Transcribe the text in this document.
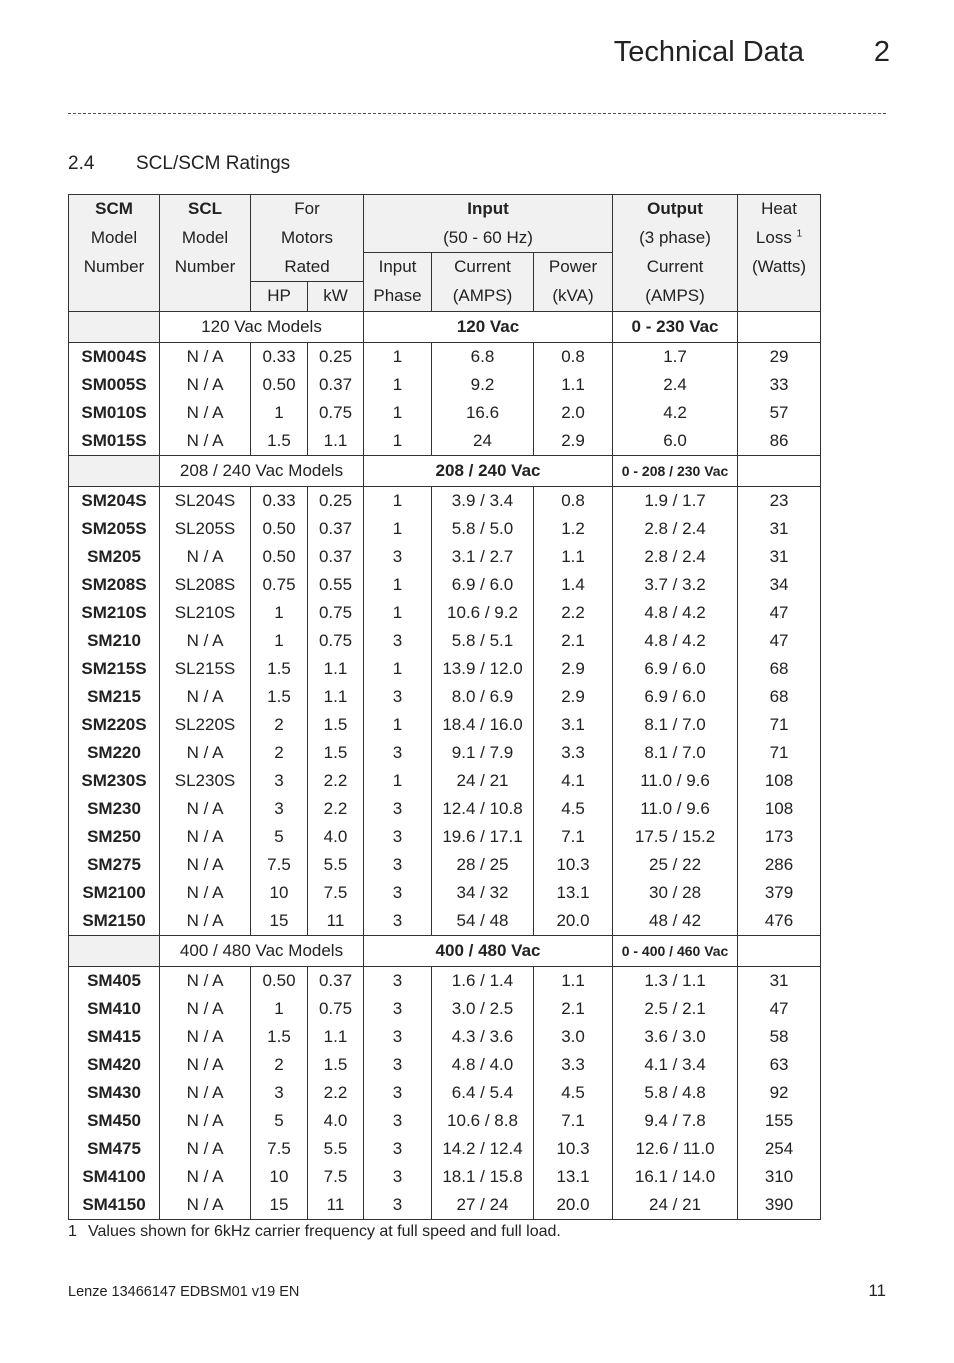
Technical Data	2
2.4 SCL/SCM Ratings
SCM	SCL	For		Input			Output	Heat
Model	Model	Motors		(50 - 60 Hz)			(3 phase)	Loss $^1$
Number	Number	Rated		Input	Current	Power	Current	(Watts)
		HP	kW	Phase	(AMPS)	(kVA)	(AMPS)	
	120 Vac Models			120 Vac			0 - 230 Vac	
SM004S	N / A	0.33	0.25	1	6.8	0.8	1.7	29
SM005S	N / A	0.50	0.37	1	9.2	1.1	2.4	33
SM010S	N / A	1	0.75	1	16.6	2.0	4.2	57
SM015S	N / A	1.5	1.1	1	24	2.9	6.0	86
	208 / 240 Vac Models			208 / 240 Vac			0 - 208 / 230 Vac	
SM204S	SL204S	0.33	0.25	1	3.9 / 3.4	0.8	1.9 / 1.7	23
SM205S	SL205S	0.50	0.37	1	5.8 / 5.0	1.2	2.8 / 2.4	31
SM205	N / A	0.50	0.37	3	3.1 / 2.7	1.1	2.8 / 2.4	31
SM208S	SL208S	0.75	0.55	1	6.9 / 6.0	1.4	3.7 / 3.2	34
SM210S	SL210S	1	0.75	1	10.6 / 9.2	2.2	4.8 / 4.2	47
SM210	N / A	1	0.75	3	5.8 / 5.1	2.1	4.8 / 4.2	47
SM215S	SL215S	1.5	1.1	1	13.9 / 12.0	2.9	6.9 / 6.0	68
SM215	N / A	1.5	1.1	3	8.0 / 6.9	2.9	6.9 / 6.0	68
SM220S	SL220S	2	1.5	1	18.4 / 16.0	3.1	8.1 / 7.0	71
SM220	N / A	2	1.5	3	9.1 / 7.9	3.3	8.1 / 7.0	71
SM230S	SL230S	3	2.2	1	24 / 21	4.1	11.0 / 9.6	108
SM230	N / A	3	2.2	3	12.4 / 10.8	4.5	11.0 / 9.6	108
SM250	N / A	5	4.0	3	19.6 / 17.1	7.1	17.5 / 15.2	173
SM275	N / A	7.5	5.5	3	28 / 25	10.3	25 / 22	286
SM2100	N / A	10	7.5	3	34 / 32	13.1	30 / 28	379
SM2150	N / A	15	11	3	54 / 48	20.0	48 / 42	476
	400 / 480 Vac Models			400 / 480 Vac			0 - 400 / 460 Vac	
SM405	N / A	0.50	0.37	3	1.6 / 1.4	1.1	1.3 / 1.1	31
SM410	N / A	1	0.75	3	3.0 / 2.5	2.1	2.5 / 2.1	47
SM415	N / A	1.5	1.1	3	4.3 / 3.6	3.0	3.6 / 3.0	58
SM420	N / A	2	1.5	3	4.8 / 4.0	3.3	4.1 / 3.4	63
SM430	N / A	3	2.2	3	6.4 / 5.4	4.5	5.8 / 4.8	92
SM450	N / A	5	4.0	3	10.6 / 8.8	7.1	9.4 / 7.8	155
SM475	N / A	7.5	5.5	3	14.2 / 12.4	10.3	12.6 / 11.0	254
SM4100	N / A	10	7.5	3	18.1 / 15.8	13.1	16.1 / 14.0	310
SM4150	N / A	15	11	3	27 / 24	20.0	24 / 21	390
1 Values shown for 6kHz carrier frequency at full speed and full load.
Lenze 13466147 EDBSM01 v19 EN	11
